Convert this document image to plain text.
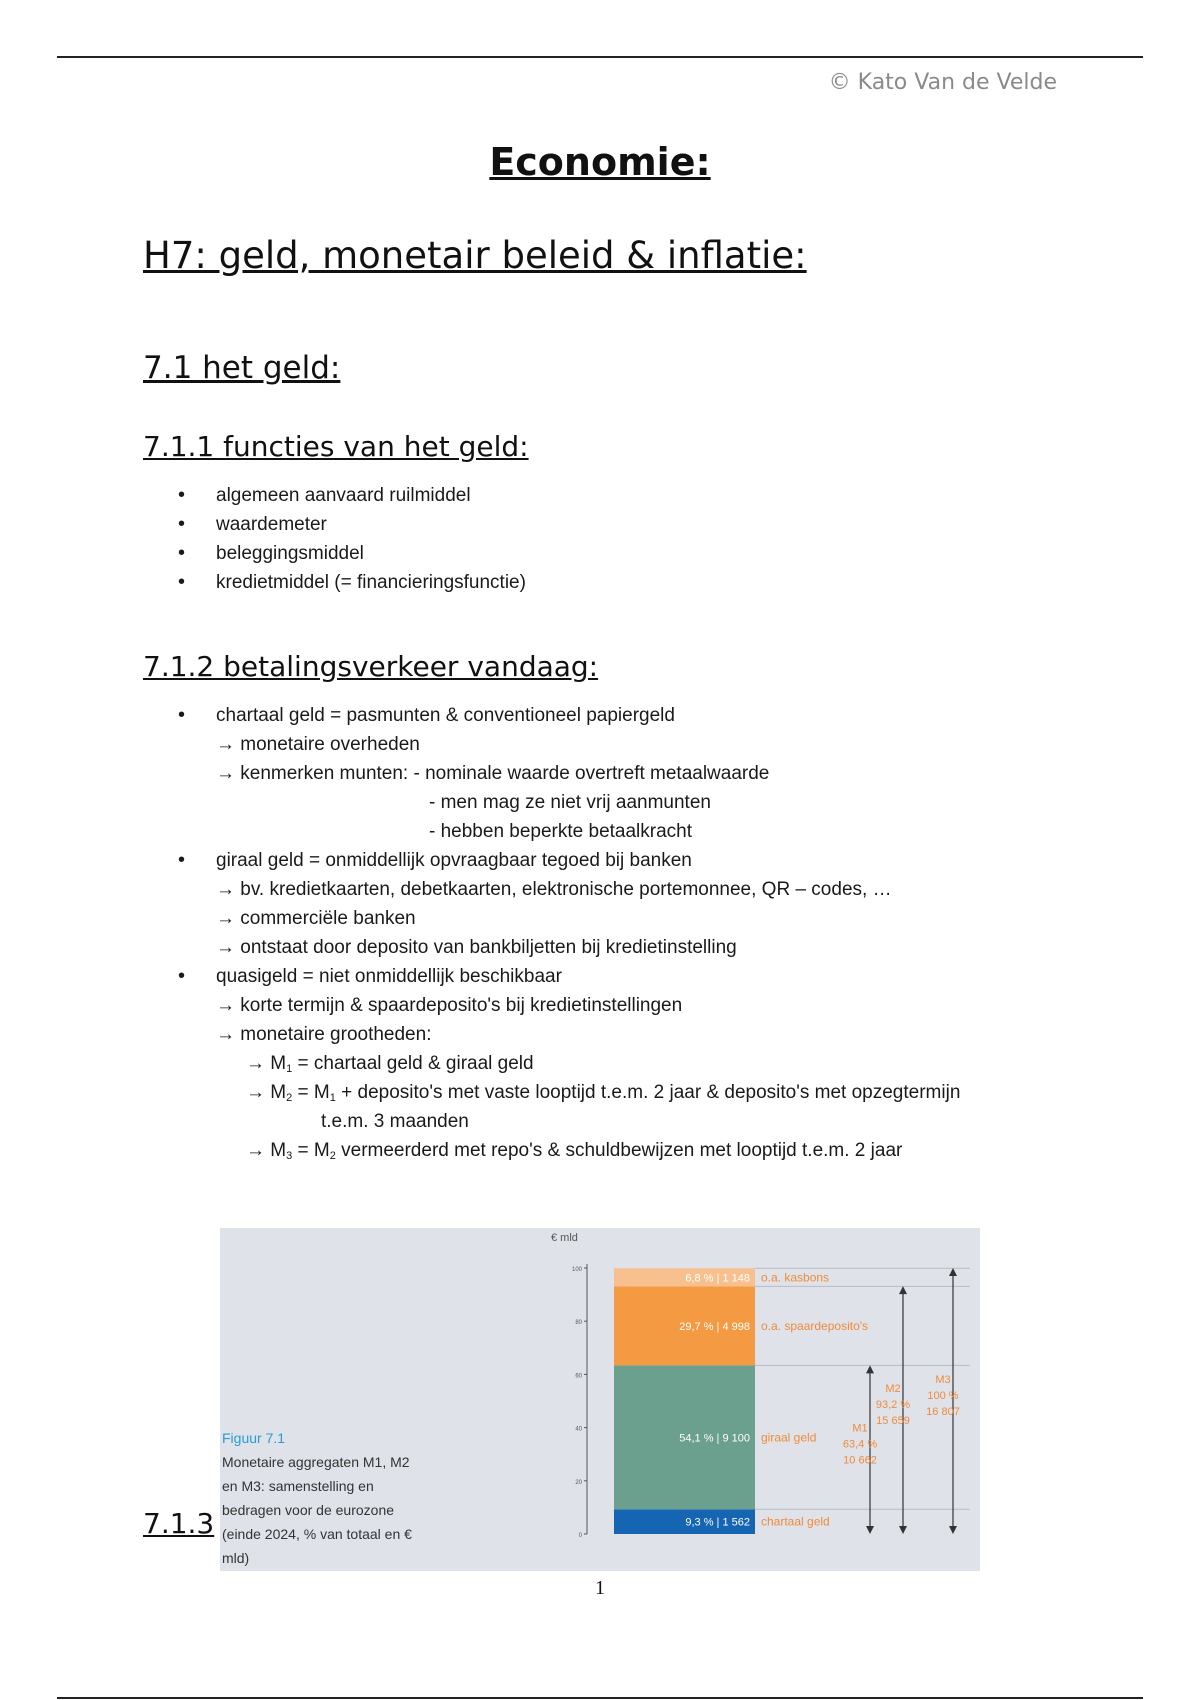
© Kato Van de Velde
Economie:
H7: geld, monetair beleid & inflatie:
7.1 het geld:
7.1.1 functies van het geld:
• algemeen aanvaard ruilmiddel
• waardemeter
• beleggingsmiddel
• kredietmiddel (= financieringsfunctie)
7.1.2 betalingsverkeer vandaag:
• chartaal geld = pasmunten & conventioneel papiergeld
→ monetaire overheden
→ kenmerken munten: - nominale waarde overtreft metaalwaarde
- men mag ze niet vrij aanmunten
- hebben beperkte betaalkracht
• giraal geld = onmiddellijk opvraagbaar tegoed bij banken
→ bv. kredietkaarten, debetkaarten, elektronische portemonnee, QR – codes, …
→ commerciële banken
→ ontstaat door deposito van bankbiljetten bij kredietinstelling
• quasigeld = niet onmiddellijk beschikbaar
→ korte termijn & spaardeposito's bij kredietinstellingen
→ monetaire grootheden:
→ $M_1$ = chartaal geld & giraal geld
→ $M_2 = M_1$ + deposito's met vaste looptijd t.e.m. 2 jaar & deposito's met opzegtermijn
t.e.m. 3 maanden
→ $M_3 = M_2$ vermeerderd met repo's & schuldbewijzen met looptijd t.e.m. 2 jaar
Figuur 7.1
Monetaire aggregaten M1, M2 en M3: samenstelling en bedragen voor de eurozone (einde 2024, % van totaal en € mld)
€ mld
0
20
40
60
80
100
9,3 % | 1 562 chartaal geld
54,1 % | 9 100 giraal geld
29,7 % | 4 998 o.a. spaardeposito's
6,8 % | 1 148 o.a. kasbons
M1
63,4 %
10 662
M2
93,2 %
15 659
M3
100 %
16 807
7.1.3
1
